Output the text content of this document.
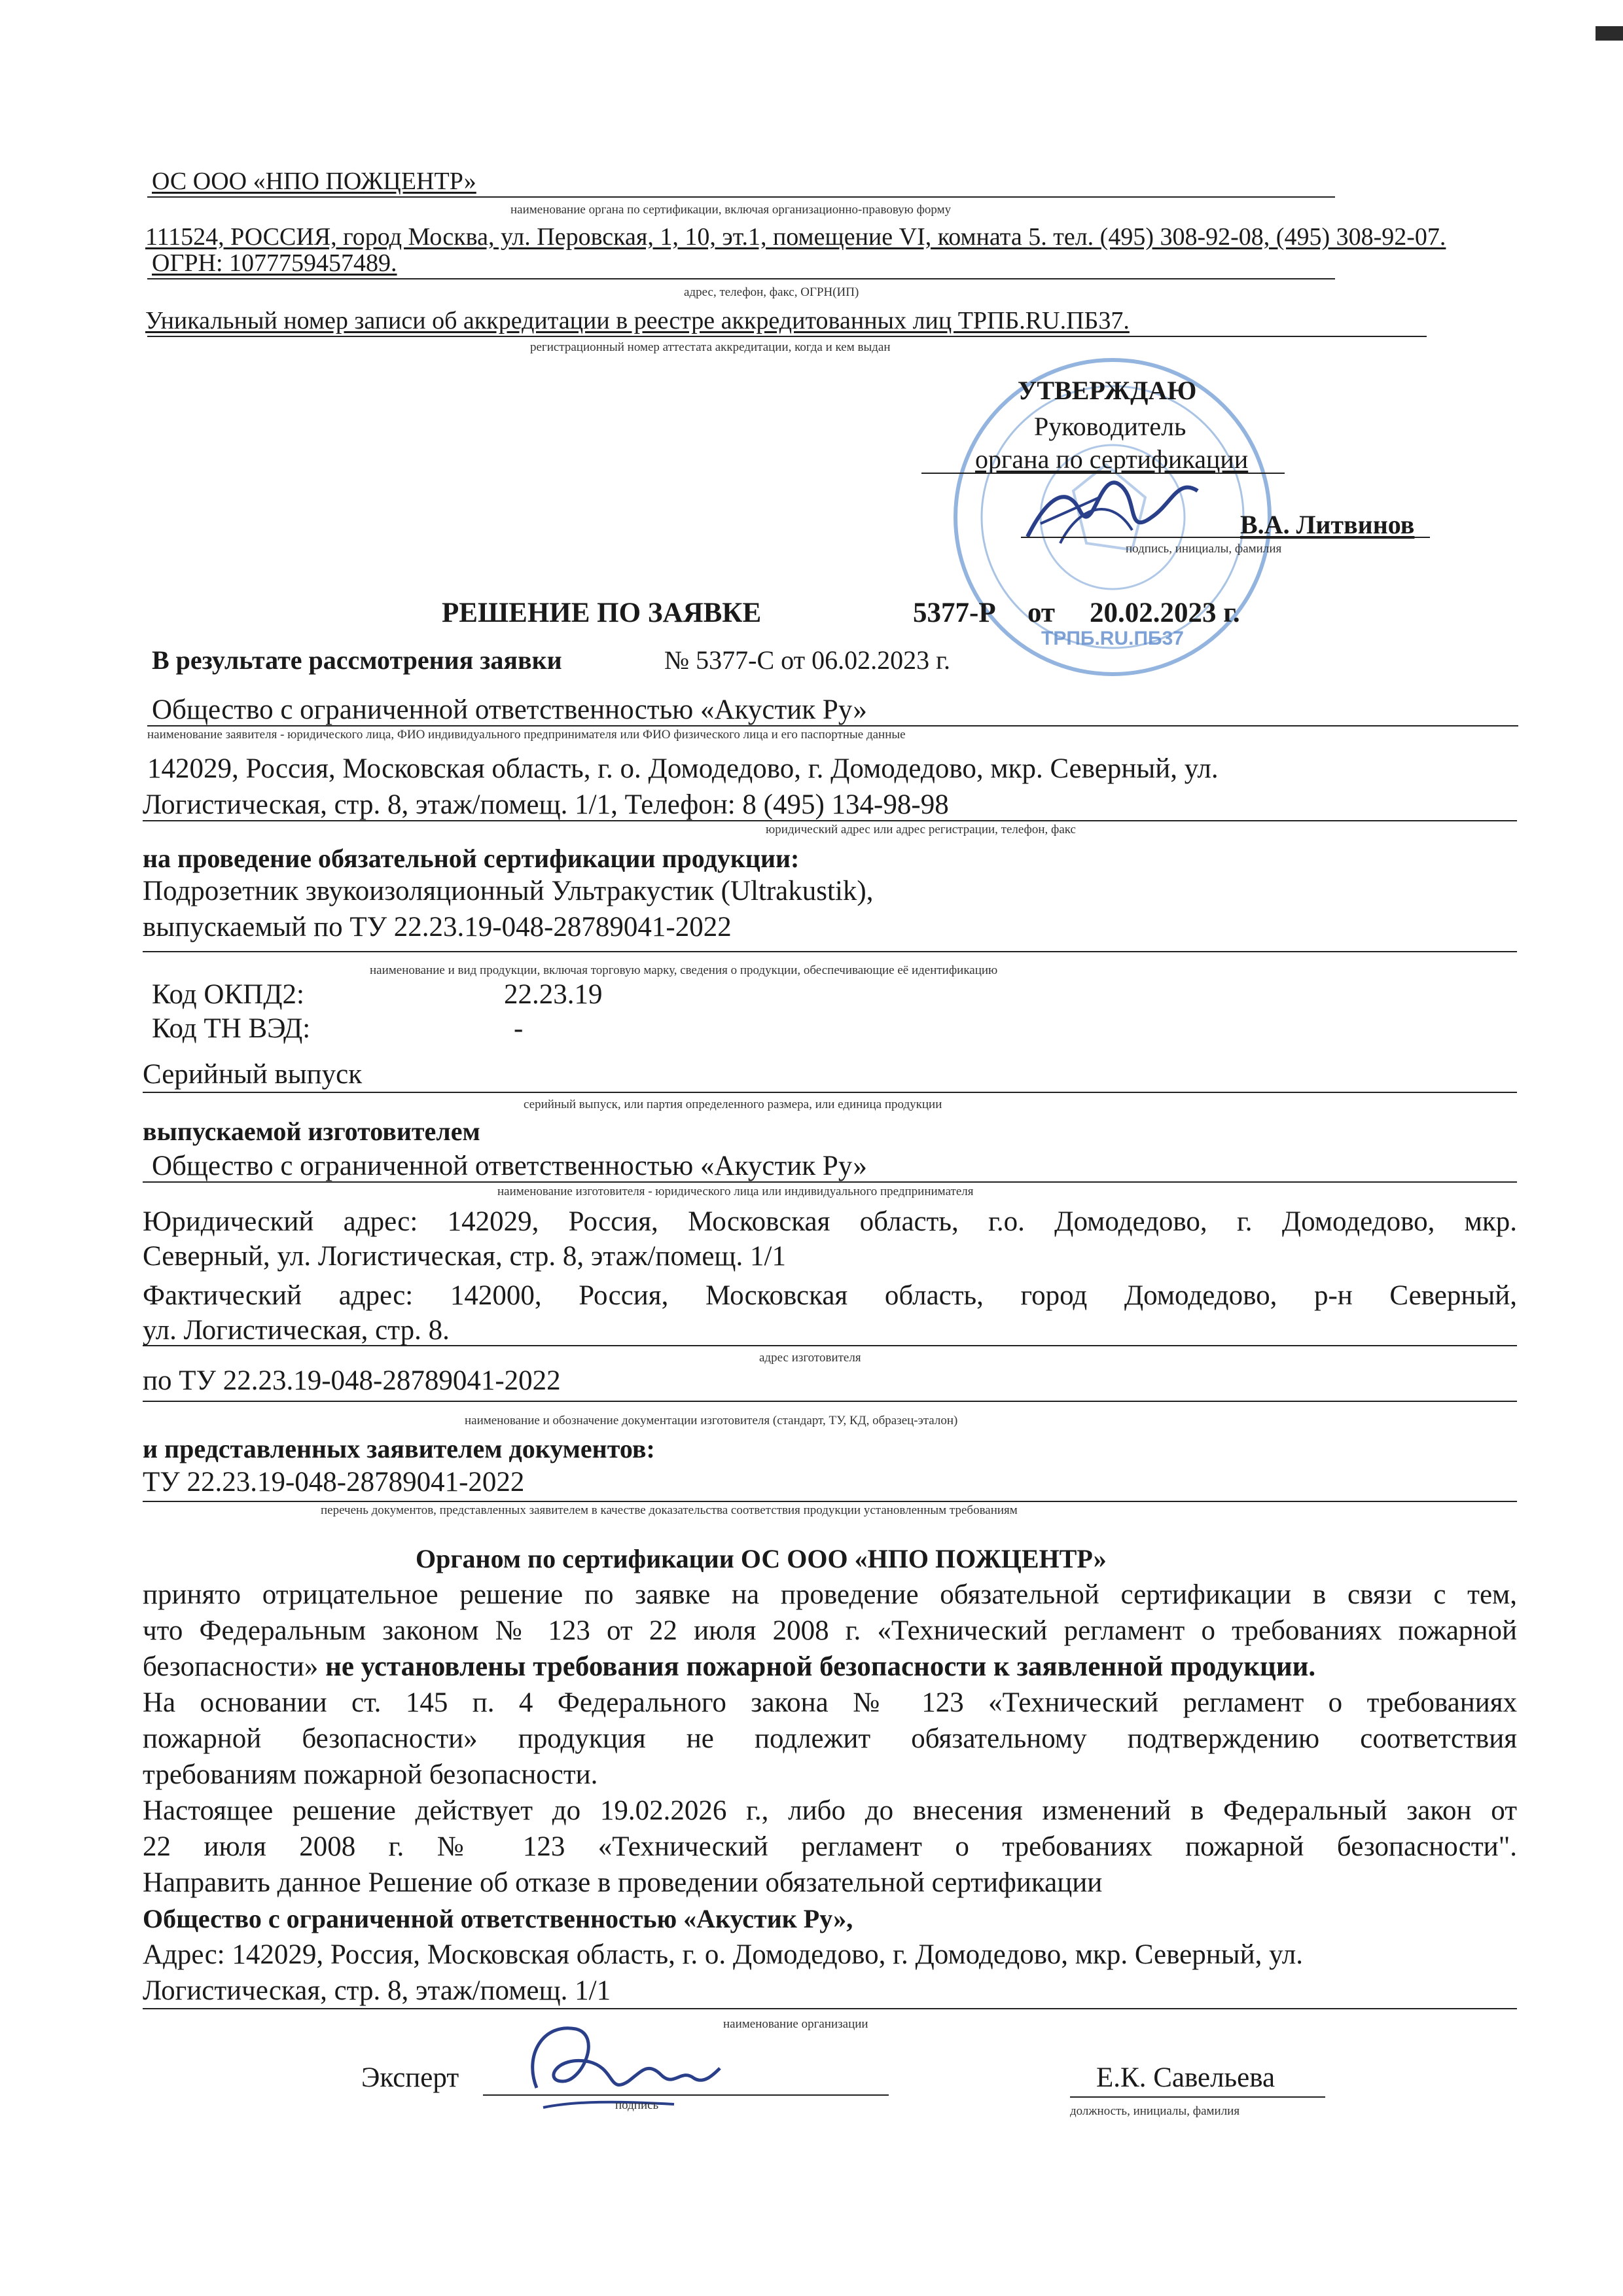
ОС ООО «НПО ПОЖЦЕНТР»
наименование органа по сертификации, включая организационно-правовую форму
111524, РОССИЯ, город Москва, ул. Перовская, 1, 10, эт.1, помещение VI, комната 5. тел. (495) 308-92-08, (495) 308-92-07.
ОГРН: 1077759457489.
адрес, телефон, факс, ОГРН(ИП)
Уникальный номер записи об аккредитации в реестре аккредитованных лиц ТРПБ.RU.ПБ37.
регистрационный номер аттестата аккредитации, когда и кем выдан
ТРПБ.RU.ПБ37
УТВЕРЖДАЮ
Руководитель
органа по сертификации
В.А. Литвинов
подпись, инициалы, фамилия
РЕШЕНИЕ ПО ЗАЯВКЕ	5377-Р от 20.02.2023 г.
В результате рассмотрения заявки	№ 5377-С от 06.02.2023 г.
Общество с ограниченной ответственностью «Акустик Ру»
наименование заявителя - юридического лица, ФИО индивидуального предпринимателя или ФИО физического лица и его паспортные данные
142029, Россия, Московская область, г. о. Домодедово, г. Домодедово, мкр. Северный, ул.
Логистическая, стр. 8, этаж/помещ. 1/1, Телефон: 8 (495) 134-98-98
юридический адрес или адрес регистрации, телефон, факс
на проведение обязательной сертификации продукции:
Подрозетник звукоизоляционный Ультракустик (Ultrakustik),
выпускаемый по ТУ 22.23.19-048-28789041-2022
наименование и вид продукции, включая торговую марку, сведения о продукции, обеспечивающие её идентификацию
Код ОКПД2:	22.23.19
Код ТН ВЭД:	-
Серийный выпуск
серийный выпуск, или партия определенного размера, или единица продукции
выпускаемой изготовителем
Общество с ограниченной ответственностью «Акустик Ру»
наименование изготовителя - юридического лица или индивидуального предпринимателя
Юридический адрес: 142029, Россия, Московская область, г.о. Домодедово, г. Домодедово, мкр.
Северный, ул. Логистическая, стр. 8, этаж/помещ. 1/1
Фактический адрес: 142000, Россия, Московская область, город Домодедово, р-н Северный,
ул. Логистическая, стр. 8.
адрес изготовителя
по ТУ 22.23.19-048-28789041-2022
наименование и обозначение документации изготовителя (стандарт, ТУ, КД, образец-эталон)
и представленных заявителем документов:
ТУ 22.23.19-048-28789041-2022
перечень документов, представленных заявителем в качестве доказательства соответствия продукции установленным требованиям
Органом по сертификации ОС ООО «НПО ПОЖЦЕНТР»
принято отрицательное решение по заявке на проведение обязательной сертификации в связи с тем,
что Федеральным законом № 123 от 22 июля 2008 г. «Технический регламент о требованиях пожарной
безопасности» не установлены требования пожарной безопасности к заявленной продукции.
На основании ст. 145 п. 4 Федерального закона № 123 «Технический регламент о требованиях
пожарной безопасности» продукция не подлежит обязательному подтверждению соответствия
требованиям пожарной безопасности.
Настоящее решение действует до 19.02.2026 г., либо до внесения изменений в Федеральный закон от
22 июля 2008 г. № 123 «Технический регламент о требованиях пожарной безопасности".
Направить данное Решение об отказе в проведении обязательной сертификации
Общество с ограниченной ответственностью «Акустик Ру»,
Адрес: 142029, Россия, Московская область, г. о. Домодедово, г. Домодедово, мкр. Северный, ул.
Логистическая, стр. 8, этаж/помещ. 1/1
наименование организации
Эксперт
подпись
Е.К. Савельева
должность, инициалы, фамилия
